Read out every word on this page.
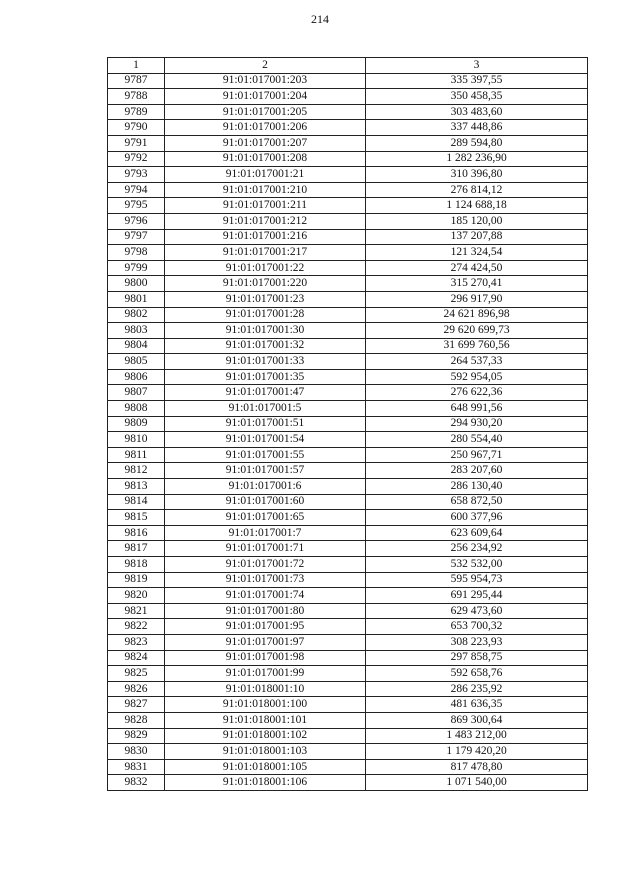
214
1	2	3
9787	91:01:017001:203	335 397,55
9788	91:01:017001:204	350 458,35
9789	91:01:017001:205	303 483,60
9790	91:01:017001:206	337 448,86
9791	91:01:017001:207	289 594,80
9792	91:01:017001:208	1 282 236,90
9793	91:01:017001:21	310 396,80
9794	91:01:017001:210	276 814,12
9795	91:01:017001:211	1 124 688,18
9796	91:01:017001:212	185 120,00
9797	91:01:017001:216	137 207,88
9798	91:01:017001:217	121 324,54
9799	91:01:017001:22	274 424,50
9800	91:01:017001:220	315 270,41
9801	91:01:017001:23	296 917,90
9802	91:01:017001:28	24 621 896,98
9803	91:01:017001:30	29 620 699,73
9804	91:01:017001:32	31 699 760,56
9805	91:01:017001:33	264 537,33
9806	91:01:017001:35	592 954,05
9807	91:01:017001:47	276 622,36
9808	91:01:017001:5	648 991,56
9809	91:01:017001:51	294 930,20
9810	91:01:017001:54	280 554,40
9811	91:01:017001:55	250 967,71
9812	91:01:017001:57	283 207,60
9813	91:01:017001:6	286 130,40
9814	91:01:017001:60	658 872,50
9815	91:01:017001:65	600 377,96
9816	91:01:017001:7	623 609,64
9817	91:01:017001:71	256 234,92
9818	91:01:017001:72	532 532,00
9819	91:01:017001:73	595 954,73
9820	91:01:017001:74	691 295,44
9821	91:01:017001:80	629 473,60
9822	91:01:017001:95	653 700,32
9823	91:01:017001:97	308 223,93
9824	91:01:017001:98	297 858,75
9825	91:01:017001:99	592 658,76
9826	91:01:018001:10	286 235,92
9827	91:01:018001:100	481 636,35
9828	91:01:018001:101	869 300,64
9829	91:01:018001:102	1 483 212,00
9830	91:01:018001:103	1 179 420,20
9831	91:01:018001:105	817 478,80
9832	91:01:018001:106	1 071 540,00
